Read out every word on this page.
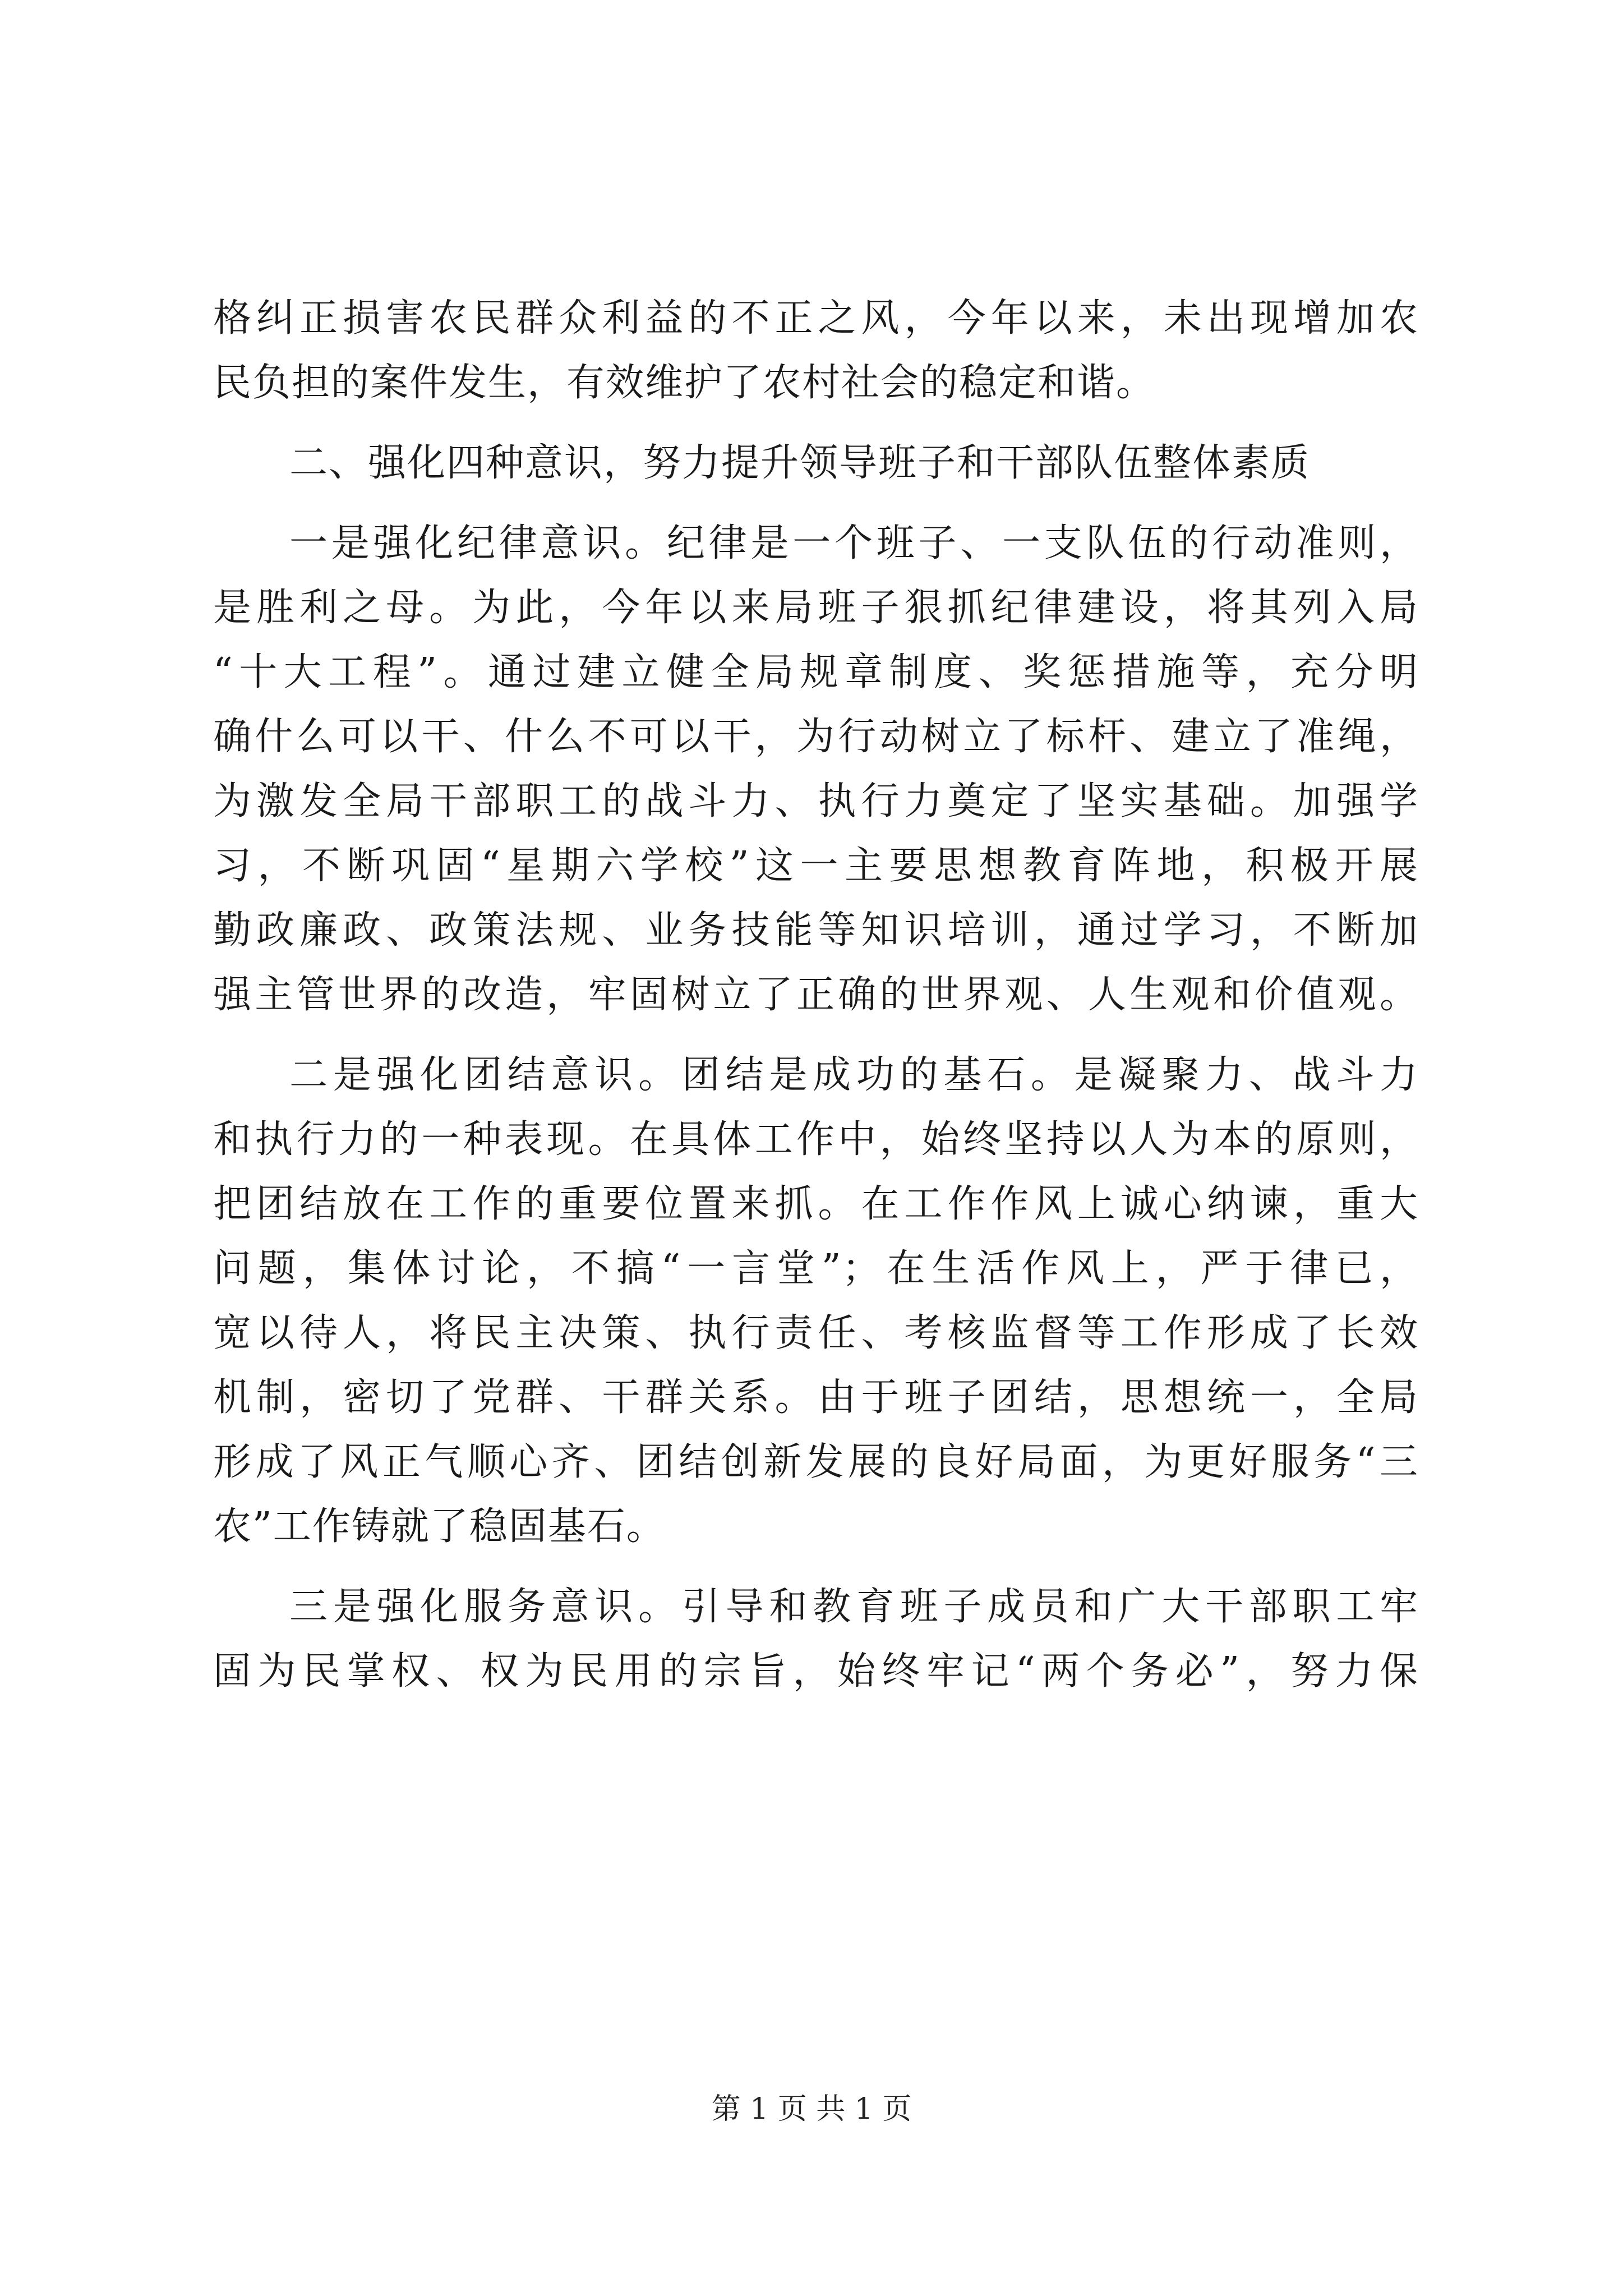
格纠正损害农民群众利益的不正之风，今年以来，未出现增加农
民负担的案件发生，有效维护了农村社会的稳定和谐。
二、强化四种意识，努力提升领导班子和干部队伍整体素质
一是强化纪律意识。纪律是一个班子、一支队伍的行动准则，
是胜利之母。为此，今年以来局班子狠抓纪律建设，将其列入局
“十大工程”。通过建立健全局规章制度、奖惩措施等，充分明
确什么可以干、什么不可以干，为行动树立了标杆、建立了准绳，
为激发全局干部职工的战斗力、执行力奠定了坚实基础。加强学
习，不断巩固“星期六学校”这一主要思想教育阵地，积极开展
勤政廉政、政策法规、业务技能等知识培训，通过学习，不断加
强主管世界的改造，牢固树立了正确的世界观、人生观和价值观。
二是强化团结意识。团结是成功的基石。是凝聚力、战斗力
和执行力的一种表现。在具体工作中，始终坚持以人为本的原则，
把团结放在工作的重要位置来抓。在工作作风上诚心纳谏，重大
问题，集体讨论，不搞“一言堂”；在生活作风上，严于律已，
宽以待人，将民主决策、执行责任、考核监督等工作形成了长效
机制，密切了党群、干群关系。由于班子团结，思想统一，全局
形成了风正气顺心齐、团结创新发展的良好局面，为更好服务“三
农”工作铸就了稳固基石。
三是强化服务意识。引导和教育班子成员和广大干部职工牢
固为民掌权、权为民用的宗旨，始终牢记“两个务必”，努力保
第 1 页 共 1 页
